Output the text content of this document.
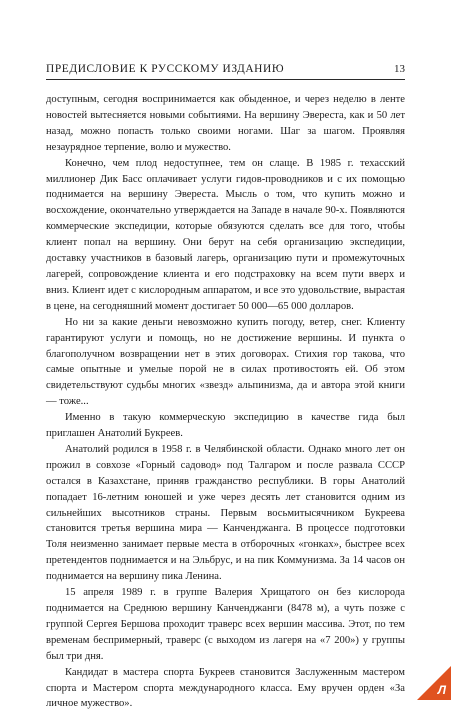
ПРЕДИСЛОВИЕ К РУССКОМУ ИЗДАНИЮ	13

доступным, сегодня воспринимается как обыденное, и через неделю в ленте новостей вытесняется новыми событиями. На вершину Эвереста, как и 50 лет назад, можно попасть только своими ногами. Шаг за шагом. Проявляя незаурядное терпение, волю и мужество.

Конечно, чем плод недоступнее, тем он слаще. В 1985 г. техасский миллионер Дик Басс оплачивает услуги гидов-проводников и с их помощью поднимается на вершину Эвереста. Мысль о том, что купить можно и восхождение, окончательно утверждается на Западе в начале 90-х. Появляются коммерческие экспедиции, которые обязуются сделать все для того, чтобы клиент попал на вершину. Они берут на себя организацию экспедиции, доставку участников в базовый лагерь, организацию пути и промежуточных лагерей, сопровождение клиента и его подстраховку на всем пути вверх и вниз. Клиент идет с кислородным аппаратом, и все это удовольствие, вырастая в цене, на сегодняшний момент достигает 50 000—65 000 долларов.

Но ни за какие деньги невозможно купить погоду, ветер, снег. Клиенту гарантируют услуги и помощь, но не достижение вершины. И пункта о благополучном возвращении нет в этих договорах. Стихия гор такова, что самые опытные и умелые порой не в силах противостоять ей. Об этом свидетельствуют судьбы многих «звезд» альпинизма, да и автора этой книги — тоже...

Именно в такую коммерческую экспедицию в качестве гида был приглашен Анатолий Букреев.

Анатолий родился в 1958 г. в Челябинской области. Однако много лет он прожил в совхозе «Горный садовод» под Талгаром и после развала СССР остался в Казахстане, приняв гражданство республики. В горы Анатолий попадает 16-летним юношей и уже через десять лет становится одним из сильнейших высотников страны. Первым восьмитысячником Букреева становится третья вершина мира — Канченджанга. В процессе подготовки Толя неизменно занимает первые места в отборочных «гонках», быстрее всех претендентов поднимается и на Эльбрус, и на пик Коммунизма. За 14 часов он поднимается на вершину пика Ленина.

15 апреля 1989 г. в группе Валерия Хрищатого он без кислорода поднимается на Среднюю вершину Канченджанги (8478 м), а чуть позже с группой Сергея Бершова проходит траверс всех вершин массива. Этот, по тем временам беспримерный, траверс (с выходом из лагеря на «7 200») у группы был три дня.

Кандидат в мастера спорта Букреев становится Заслуженным мастером спорта и Мастером спорта международного класса. Ему вручен орден «За личное мужество».

Л
